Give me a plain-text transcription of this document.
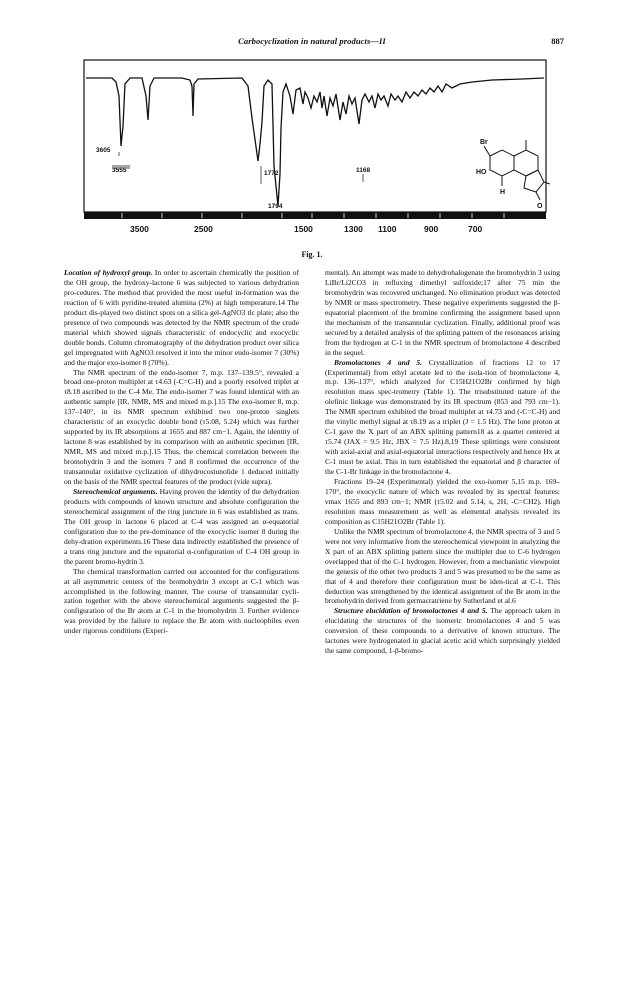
Carbocyclization in natural products—II	887
3500	2500	1500	1300 1100	900	700
3605
3555	1772	1168
1794
Br
HO
H
O
Fig. 1.

Location of hydroxyl group. In order to ascertain chemically the position of the OH group, the hydroxy-lactone 6 was subjected to various dehydration pro-cedures. The method that provided the most useful in-formation was the reaction of 6 with pyridine-treated alumina (2%) at high temperature.14 The product dis-played two distinct spots on a silica gel-AgNO3 tlc plate; also the presence of two compounds was detected by the NMR spectrum of the crude material which showed signals characteristic of endocyclic and exocyclic double bonds. Column chromatography of the dehydration product over silica gel impregnated with AgNO3 resolved it into the minor endo-isomer 7 (30%) and the major exo-isomer 8 (70%).

The NMR spectrum of the endo-isomer 7, m.p. 137–139.5°, revealed a broad one-proton multiplet at τ4.63 (-C=C-H) and a poorly resolved triplet at τ8.18 ascribed to the C-4 Me. The endo-isomer 7 was found identical with an authentic sample [IR, NMR, MS and mixed m.p.].15 The exo-isomer 8, m.p. 137–140°, in its NMR spectrum exhibited two one-proton singlets characteristic of an exocyclic double bond (τ5.08, 5.24) which was further supported by its IR absorptions at 1655 and 887 cm−1. Again, the identity of lactone 8 was established by its comparison with an authentic specimen [IR, NMR, MS and mixed m.p.].15 Thus, the chemical correlation between the bromohydrin 3 and the isomers 7 and 8 confirmed the occurrence of the transannular oxidative cyclization of dihydrocostunolide 1 deduced initially on the basis of the NMR spectral features of the product (vide supra).

Stereochemical arguments. Having proven the identity of the dehydration products with compounds of known structure and absolute configuration the stereochemical assignment of the ring juncture in 6 was established as trans. The OH group in lactone 6 placed at C-4 was assigned an α-equatorial configuration due to the pre-dominance of the exocyclic isomer 8 during the dehy-dration experiments.16 These data indirectly established the presence of a trans ring juncture and the equatorial α-configuration of C-4 OH group in the parent bromo-hydrin 3.

The chemical transformation carried out accounted for the configurations at all asymmetric centers of the bromohydrin 3 except at C-1 which was accomplished in the following manner. The course of transannular cycli-zation together with the above stereochemical arguments suggested the β-configuration of the Br atom at C-1 in the bromohydrin 3. Further evidence was provided by the failure to replace the Br atom with nucleophiles even under rigorous conditions (Experi-

mental). An attempt was made to dehydrohalogenate the bromohydrin 3 using LiBr/Li2CO3 in refluxing dimethyl sulfoxide;17 after 75 min the bromohydrin was recovered unchanged. No elimination product was detected by NMR or mass spectrometry. These negative experiments suggested the β-equatorial placement of the bromine confirming the assignment based upon the mechanism of the transannular cyclization. Finally, additional proof was secured by a detailed analysis of the splitting pattern of the resonances arising from the hydrogen at C-1 in the NMR spectrum of bromolactone 4 described in the sequel.

Bromolactones 4 and 5. Crystallization of fractions 12 to 17 (Experimental) from ethyl acetate led to the isola-tion of bromolactone 4, m.p. 136–137°, which analyzed for C15H21O2Br confirmed by high resolution mass spec-trometry (Table 1). The trisubstituted nature of the olefinic linkage was demonstrated by its IR spectrum (853 and 793 cm−1). The NMR spectrum exhibited the broad multiplet at τ4.73 and (-C=C-H) and the vinylic methyl signal at τ8.19 as a triplet (J = 1.5 Hz). The lone proton at C-1 gave the X part of an ABX splitting pattern18 as a quartet centered at τ5.74 (JAX = 9.5 Hz, JBX = 7.5 Hz).8,19 These splittings were consistent with axial-axial and axial-equatorial interactions respectively and hence Hx at C-1 must be axial. This in turn established the equatorial and β character of the C-1-Br linkage in the bromolactone 4.

Fractions 19–24 (Experimental) yielded the exo-isomer 5,15 m.p. 169–170°, the exocyclic nature of which was revealed by its spectral features: νmax 1655 and 893 cm−1; NMR (τ5.02 and 5.14, s, 2H, -C=CH2). High resolution mass measurement as well as elemental analysis revealed its composition as C15H21O2Br (Table 1).

Unlike the NMR spectrum of bromolactone 4, the NMR spectra of 3 and 5 were not very informative from the stereochemical viewpoint in analyzing the X part of an ABX splitting pattern since the multiplet due to C-6 hydrogen overlapped that of the C-1 hydrogen. However, from a mechanistic viewpoint the genesis of the other two products 3 and 5 was presumed to be the same as that of 4 and therefore their configuration must be iden-tical at C-1. This deduction was strengthened by the identical assignment of the Br atom in the bromohydrin derived from germacratriene by Sutherland et al.6

Structure elucidation of bromolactones 4 and 5. The approach taken in elucidating the structures of the isomeric bromolactones 4 and 5 was conversion of these compounds to a derivative of known structure. The lactones were hydrogenated in glacial acetic acid which surprisingly yielded the same compound, 1-β-bromo-
